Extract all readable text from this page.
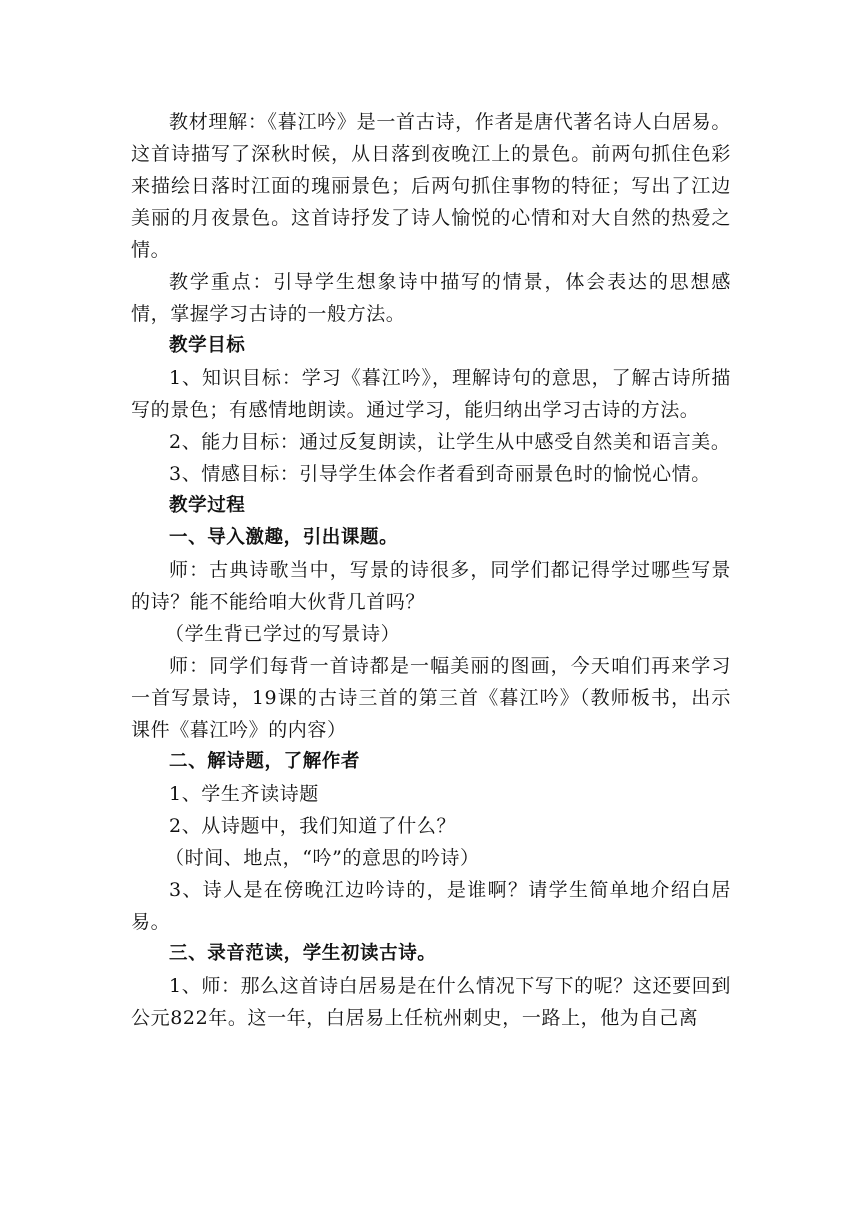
教材理解：《暮江吟》是一首古诗，作者是唐代著名诗人白居易。这首诗描写了深秋时候，从日落到夜晚江上的景色。前两句抓住色彩来描绘日落时江面的瑰丽景色；后两句抓住事物的特征；写出了江边美丽的月夜景色。这首诗抒发了诗人愉悦的心情和对大自然的热爱之情。

教学重点：引导学生想象诗中描写的情景，体会表达的思想感情，掌握学习古诗的一般方法。

教学目标

1、知识目标：学习《暮江吟》，理解诗句的意思，了解古诗所描写的景色；有感情地朗读。通过学习，能归纳出学习古诗的方法。

2、能力目标：通过反复朗读，让学生从中感受自然美和语言美。

3、情感目标：引导学生体会作者看到奇丽景色时的愉悦心情。

教学过程
一、导入激趣，引出课题。

师：古典诗歌当中，写景的诗很多，同学们都记得学过哪些写景的诗？能不能给咱大伙背几首吗？

（学生背已学过的写景诗）

师：同学们每背一首诗都是一幅美丽的图画，今天咱们再来学习一首写景诗，19课的古诗三首的第三首《暮江吟》（教师板书，出示课件《暮江吟》的内容）

二、解诗题，了解作者

1、学生齐读诗题

2、从诗题中，我们知道了什么？

（时间、地点，“吟”的意思的吟诗）

3、诗人是在傍晚江边吟诗的，是谁啊？请学生简单地介绍白居易。

三、录音范读，学生初读古诗。

1、师：那么这首诗白居易是在什么情况下写下的呢？这还要回到公元822年。这一年，白居易上任杭州刺史，一路上，他为自己离
